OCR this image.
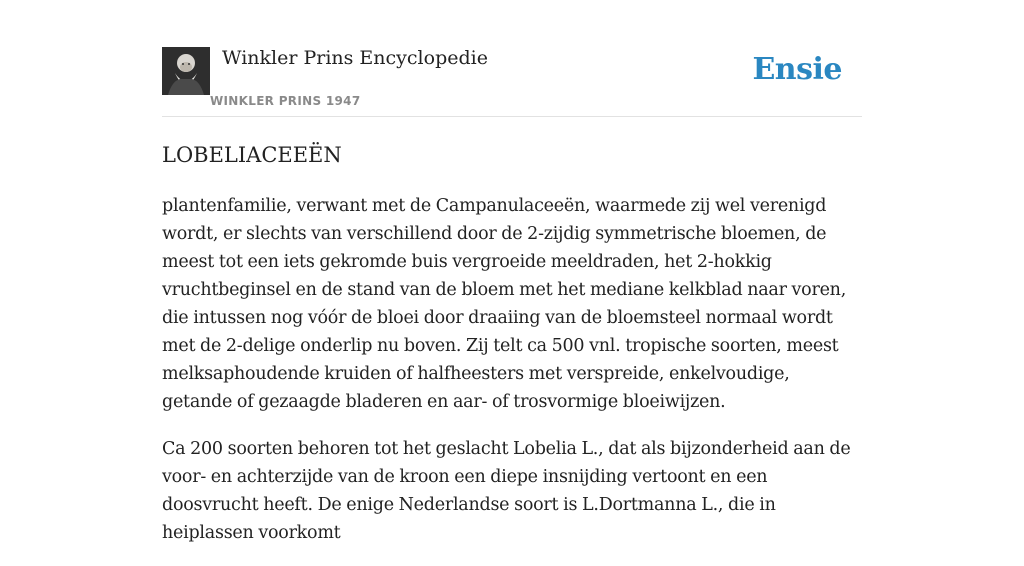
Winkler Prins Encyclopedie
WINKLER PRINS 1947
Ensie
LOBELIACEEËN

plantenfamilie, verwant met de Campanulaceeën, waarmede zij wel verenigd wordt, er slechts van verschillend door de 2-zijdig symmetrische bloemen, de meest tot een iets gekromde buis vergroeide meeldraden, het 2-hokkig vruchtbeginsel en de stand van de bloem met het mediane kelkblad naar voren, die intussen nog vóór de bloei door draaiing van de bloemsteel normaal wordt met de 2-delige onderlip nu boven. Zij telt ca 500 vnl. tropische soorten, meest melksaphoudende kruiden of halfheesters met verspreide, enkelvoudige, getande of gezaagde bladeren en aar- of trosvormige bloeiwijzen.

Ca 200 soorten behoren tot het geslacht Lobelia L., dat als bijzonderheid aan de voor- en achterzijde van de kroon een diepe insnijding vertoont en een doosvrucht heeft. De enige Nederlandse soort is L.Dortmanna L., die in heiplassen voorkomt
